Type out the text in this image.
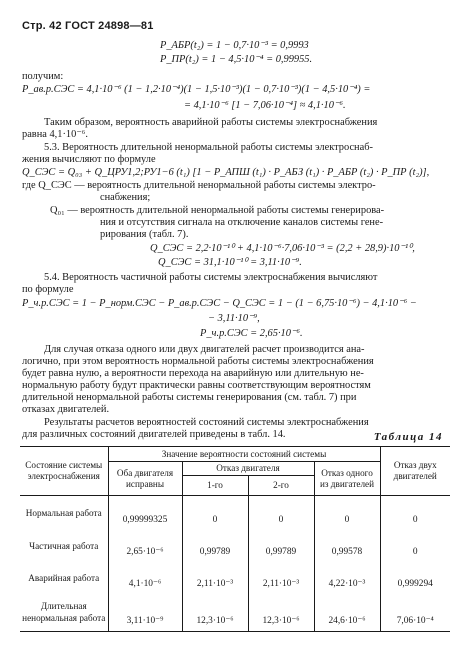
Стр. 42 ГОСТ 24898—81
P_АБР(t₂) = 1 − 0,7·10⁻³ = 0,9993
P_ПР(t₂) = 1 − 4,5·10⁻⁴ = 0,99955.
получим:
P_ав.р.СЭС = 4,1·10⁻⁶ (1 − 1,2·10⁻⁴)(1 − 1,5·10⁻³)(1 − 0,7·10⁻³)(1 − 4,5·10⁻⁴) =
= 4,1·10⁻⁶ [1 − 7,06·10⁻⁴] ≈ 4,1·10⁻⁶.
Таким образом, вероятность аварийной работы системы электроснабжения
равна 4,1·10⁻⁶.
5.3. Вероятность длительной ненормальной работы системы электроснаб-
жения вычисляют по формуле
Q_СЭС = Q₀₃ + Q_ЦРУ1,2;РУ1−6 (t₁) [1 − P_АПШ (t₁) · P_АБЗ (t₁) · P_АБР (t₂) · P_ПР (t₂)],
где Q_СЭС — вероятность длительной ненормальной работы системы электро-
снабжения;
Q₀₁ — вероятность длительной ненормальной работы системы генерирова-
ния и отсутствия сигнала на отключение каналов системы гене-
рирования (табл. 7).
Q_СЭС = 2,2·10⁻¹⁰ + 4,1·10⁻⁶·7,06·10⁻³ = (2,2 + 28,9)·10⁻¹⁰,
Q_СЭС = 31,1·10⁻¹⁰ = 3,11·10⁻⁹.
5.4. Вероятность частичной работы системы электроснабжения вычисляют
по формуле
P_ч.р.СЭС = 1 − P_норм.СЭС − P_ав.р.СЭС − Q_СЭС = 1 − (1 − 6,75·10⁻⁶) − 4,1·10⁻⁶ −
− 3,11·10⁻⁹,
P_ч.р.СЭС = 2,65·10⁻⁶.
Для случая отказа одного или двух двигателей расчет производится ана-
логично, при этом вероятность нормальной работы системы электроснабжения
будет равна нулю, а вероятности перехода на аварийную или длительную не-
нормальную работу будут практически равны соответствующим вероятностям
длительной ненормальной работы системы генерирования (см. табл. 7) при
отказах двигателей.
Результаты расчетов вероятностей состояний системы электроснабжения
для различных состояний двигателей приведены в табл. 14.	Таблица 14
Состояние системы электроснабжения	Значение вероятности состояний системы				Отказ двух двигателей
	Оба двигателя исправны	Отказ двигателя		Отказ одного из двигателей	
		1-го	2-го		
Нормальная работа	0,99999325	0	0	0	0
Частичная работа	2,65·10⁻⁶	0,99789	0,99789	0,99578	0
Аварийная работа	4,1·10⁻⁶	2,11·10⁻³	2,11·10⁻³	4,22·10⁻³	0,999294
Длительная ненормальная работа	3,11·10⁻⁹	12,3·10⁻⁶	12,3·10⁻⁶	24,6·10⁻⁶	7,06·10⁻⁴
